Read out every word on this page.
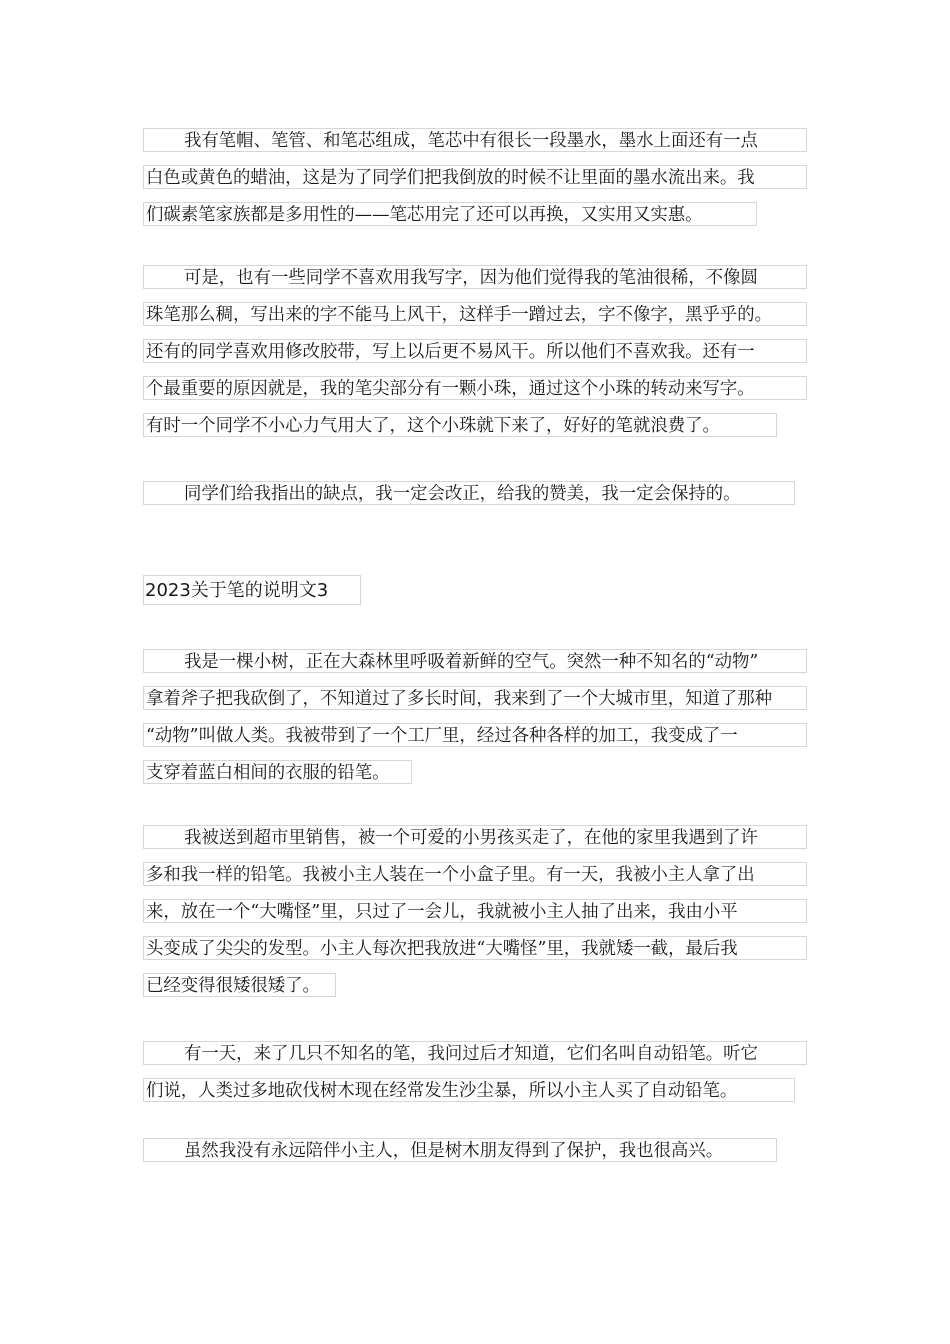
我有笔帽、笔管、和笔芯组成，笔芯中有很长一段墨水，墨水上面还有一点
白色或黄色的蜡油，这是为了同学们把我倒放的时候不让里面的墨水流出来。我
们碳素笔家族都是多用性的——笔芯用完了还可以再换，又实用又实惠。
可是，也有一些同学不喜欢用我写字，因为他们觉得我的笔油很稀，不像圆
珠笔那么稠，写出来的字不能马上风干，这样手一蹭过去，字不像字，黑乎乎的。
还有的同学喜欢用修改胶带，写上以后更不易风干。所以他们不喜欢我。还有一
个最重要的原因就是，我的笔尖部分有一颗小珠，通过这个小珠的转动来写字。
有时一个同学不小心力气用大了，这个小珠就下来了，好好的笔就浪费了。
同学们给我指出的缺点，我一定会改正，给我的赞美，我一定会保持的。
2023关于笔的说明文3
我是一棵小树，正在大森林里呼吸着新鲜的空气。突然一种不知名的“动物”
拿着斧子把我砍倒了，不知道过了多长时间，我来到了一个大城市里，知道了那种
“动物”叫做人类。我被带到了一个工厂里，经过各种各样的加工，我变成了一
支穿着蓝白相间的衣服的铅笔。
我被送到超市里销售，被一个可爱的小男孩买走了，在他的家里我遇到了许
多和我一样的铅笔。我被小主人装在一个小盒子里。有一天，我被小主人拿了出
来，放在一个“大嘴怪”里，只过了一会儿，我就被小主人抽了出来，我由小平
头变成了尖尖的发型。小主人每次把我放进“大嘴怪”里，我就矮一截，最后我
已经变得很矮很矮了。
有一天，来了几只不知名的笔，我问过后才知道，它们名叫自动铅笔。听它
们说，人类过多地砍伐树木现在经常发生沙尘暴，所以小主人买了自动铅笔。
虽然我没有永远陪伴小主人，但是树木朋友得到了保护，我也很高兴。
